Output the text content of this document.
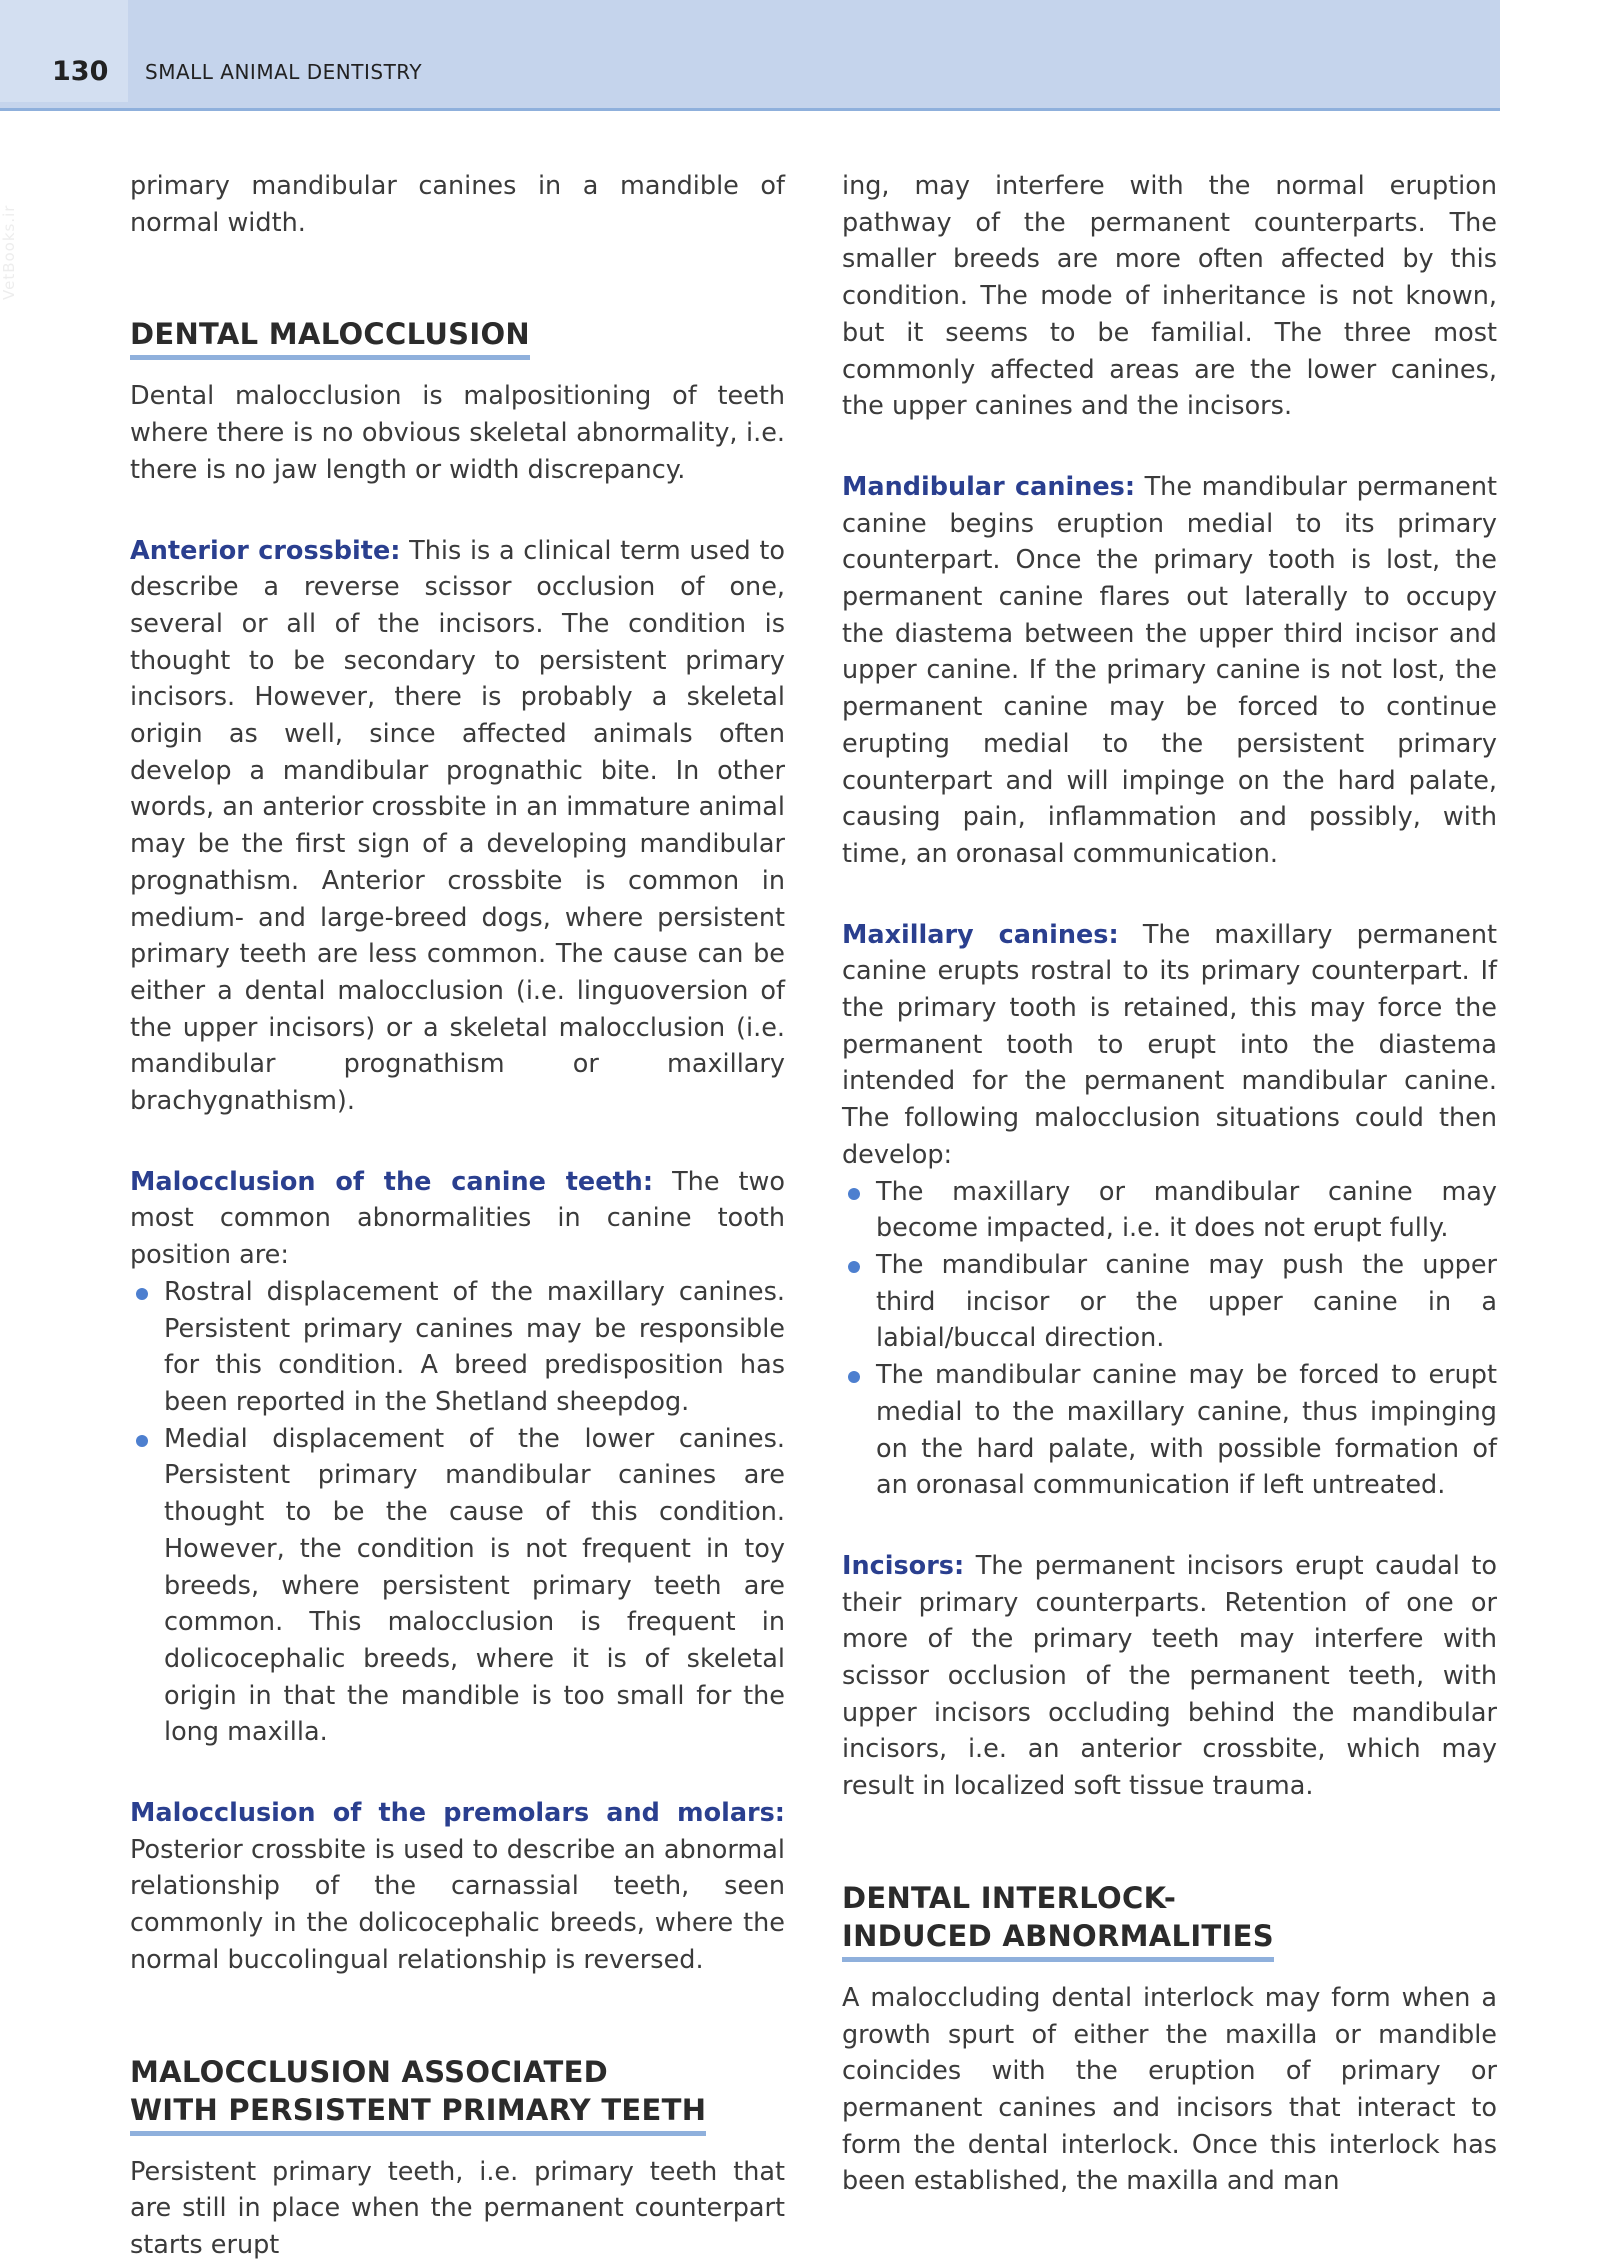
130 SMALL ANIMAL DENTISTRY
VetBooks.ir

primary mandibular canines in a mandible of normal width.

DENTAL MALOCCLUSION

Dental malocclusion is malpositioning of teeth where there is no obvious skeletal abnormality, i.e. there is no jaw length or width discrepancy.

Anterior crossbite: This is a clinical term used to describe a reverse scissor occlusion of one, several or all of the incisors. The condition is thought to be secondary to persistent primary incisors. However, there is probably a skeletal origin as well, since affected animals often develop a mandibular prognathic bite. In other words, an anterior crossbite in an immature animal may be the first sign of a developing mandibular prognathism. Anterior crossbite is common in medium- and large-breed dogs, where persistent primary teeth are less common. The cause can be either a dental malocclusion (i.e. linguoversion of the upper incisors) or a skeletal malocclusion (i.e. mandibular prognathism or maxillary brachygnathism).

Malocclusion of the canine teeth: The two most common abnormalities in canine tooth position are:

Rostral displacement of the maxillary canines. Persistent primary canines may be responsible for this condition. A breed predisposition has been reported in the Shetland sheepdog.
Medial displacement of the lower canines. Persistent primary mandibular canines are thought to be the cause of this condition. However, the condition is not frequent in toy breeds, where persistent primary teeth are common. This malocclusion is frequent in dolicocephalic breeds, where it is of skeletal origin in that the mandible is too small for the long maxilla.

Malocclusion of the premolars and molars: Posterior crossbite is used to describe an abnormal relationship of the carnassial teeth, seen commonly in the dolicocephalic breeds, where the normal buccolingual relationship is reversed.

MALOCCLUSION ASSOCIATED
WITH PERSISTENT PRIMARY TEETH

Persistent primary teeth, i.e. primary teeth that are still in place when the permanent counterpart starts erupt

ing, may interfere with the normal eruption pathway of the permanent counterparts. The smaller breeds are more often affected by this condition. The mode of inheritance is not known, but it seems to be familial. The three most commonly affected areas are the lower canines, the upper canines and the incisors.

Mandibular canines: The mandibular permanent canine begins eruption medial to its primary counterpart. Once the primary tooth is lost, the permanent canine flares out laterally to occupy the diastema between the upper third incisor and upper canine. If the primary canine is not lost, the permanent canine may be forced to continue erupting medial to the persistent primary counterpart and will impinge on the hard palate, causing pain, inflammation and possibly, with time, an oronasal communication.

Maxillary canines: The maxillary permanent canine erupts rostral to its primary counterpart. If the primary tooth is retained, this may force the permanent tooth to erupt into the diastema intended for the permanent mandibular canine. The following malocclusion situations could then develop:

The maxillary or mandibular canine may become impacted, i.e. it does not erupt fully.
The mandibular canine may push the upper third incisor or the upper canine in a labial/buccal direction.
The mandibular canine may be forced to erupt medial to the maxillary canine, thus impinging on the hard palate, with possible formation of an oronasal communication if left untreated.

Incisors: The permanent incisors erupt caudal to their primary counterparts. Retention of one or more of the primary teeth may interfere with scissor occlusion of the permanent teeth, with upper incisors occluding behind the mandibular incisors, i.e. an anterior crossbite, which may result in localized soft tissue trauma.

DENTAL INTERLOCK-
INDUCED ABNORMALITIES

A maloccluding dental interlock may form when a growth spurt of either the maxilla or mandible coincides with the eruption of primary or permanent canines and incisors that interact to form the dental interlock. Once this interlock has been established, the maxilla and man
